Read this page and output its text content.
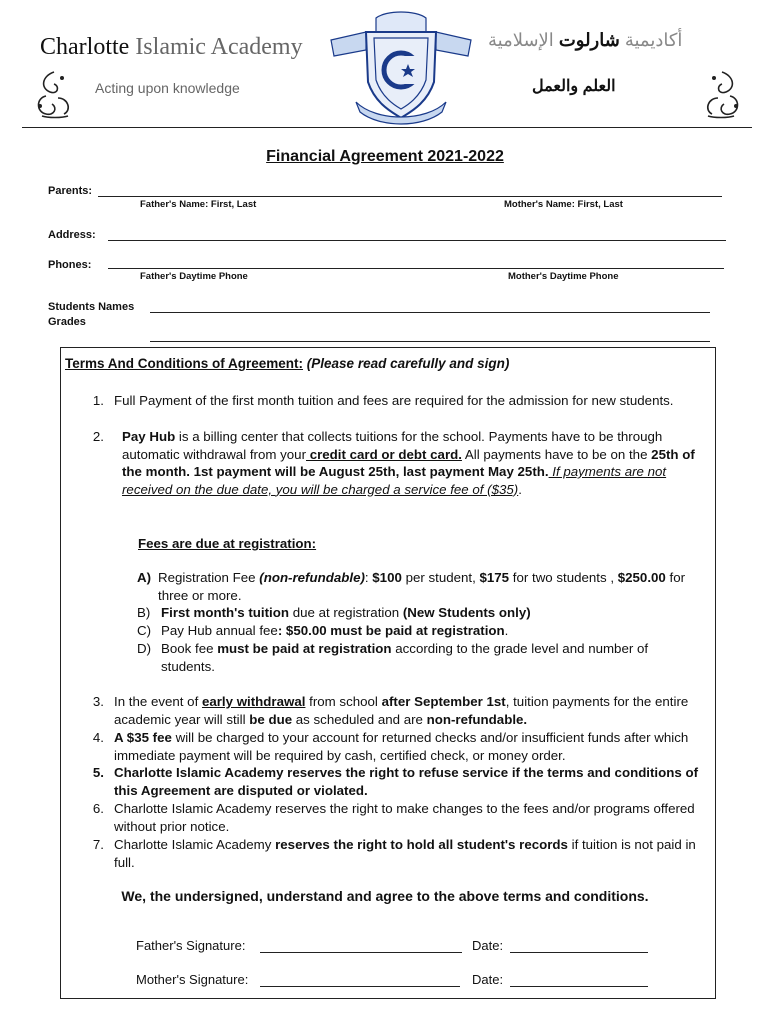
Charlotte Islamic Academy
Acting upon knowledge
أكاديمية شارلوت الإسلامية
العلم والعمل
Financial Agreement 2021-2022
Parents:
Father's Name: First, Last	Mother's Name: First, Last
Address:
Phones:
Father's Daytime Phone	Mother's Daytime Phone
Students Names
Grades
Terms And Conditions of Agreement: (Please read carefully and sign)
1. Full Payment of the first month tuition and fees are required for the admission for new students.
2. Pay Hub is a billing center that collects tuitions for the school. Payments have to be through automatic withdrawal from your credit card or debt card. All payments have to be on the 25th of the month. 1st payment will be August 25th, last payment May 25th. If payments are not received on the due date, you will be charged a service fee of ($35).
Fees are due at registration:
A) Registration Fee (non-refundable): $100 per student, $175 for two students , $250.00 for three or more.
B) First month's tuition due at registration (New Students only)
C) Pay Hub annual fee: $50.00 must be paid at registration.
D) Book fee must be paid at registration according to the grade level and number of students.
3. In the event of early withdrawal from school after September 1st, tuition payments for the entire academic year will still be due as scheduled and are non-refundable.
4. A $35 fee will be charged to your account for returned checks and/or insufficient funds after which immediate payment will be required by cash, certified check, or money order.
5. Charlotte Islamic Academy reserves the right to refuse service if the terms and conditions of this Agreement are disputed or violated.
6. Charlotte Islamic Academy reserves the right to make changes to the fees and/or programs offered without prior notice.
7. Charlotte Islamic Academy reserves the right to hold all student's records if tuition is not paid in full.
We, the undersigned, understand and agree to the above terms and conditions.
Father's Signature:	Date:
Mother's Signature:	Date:
